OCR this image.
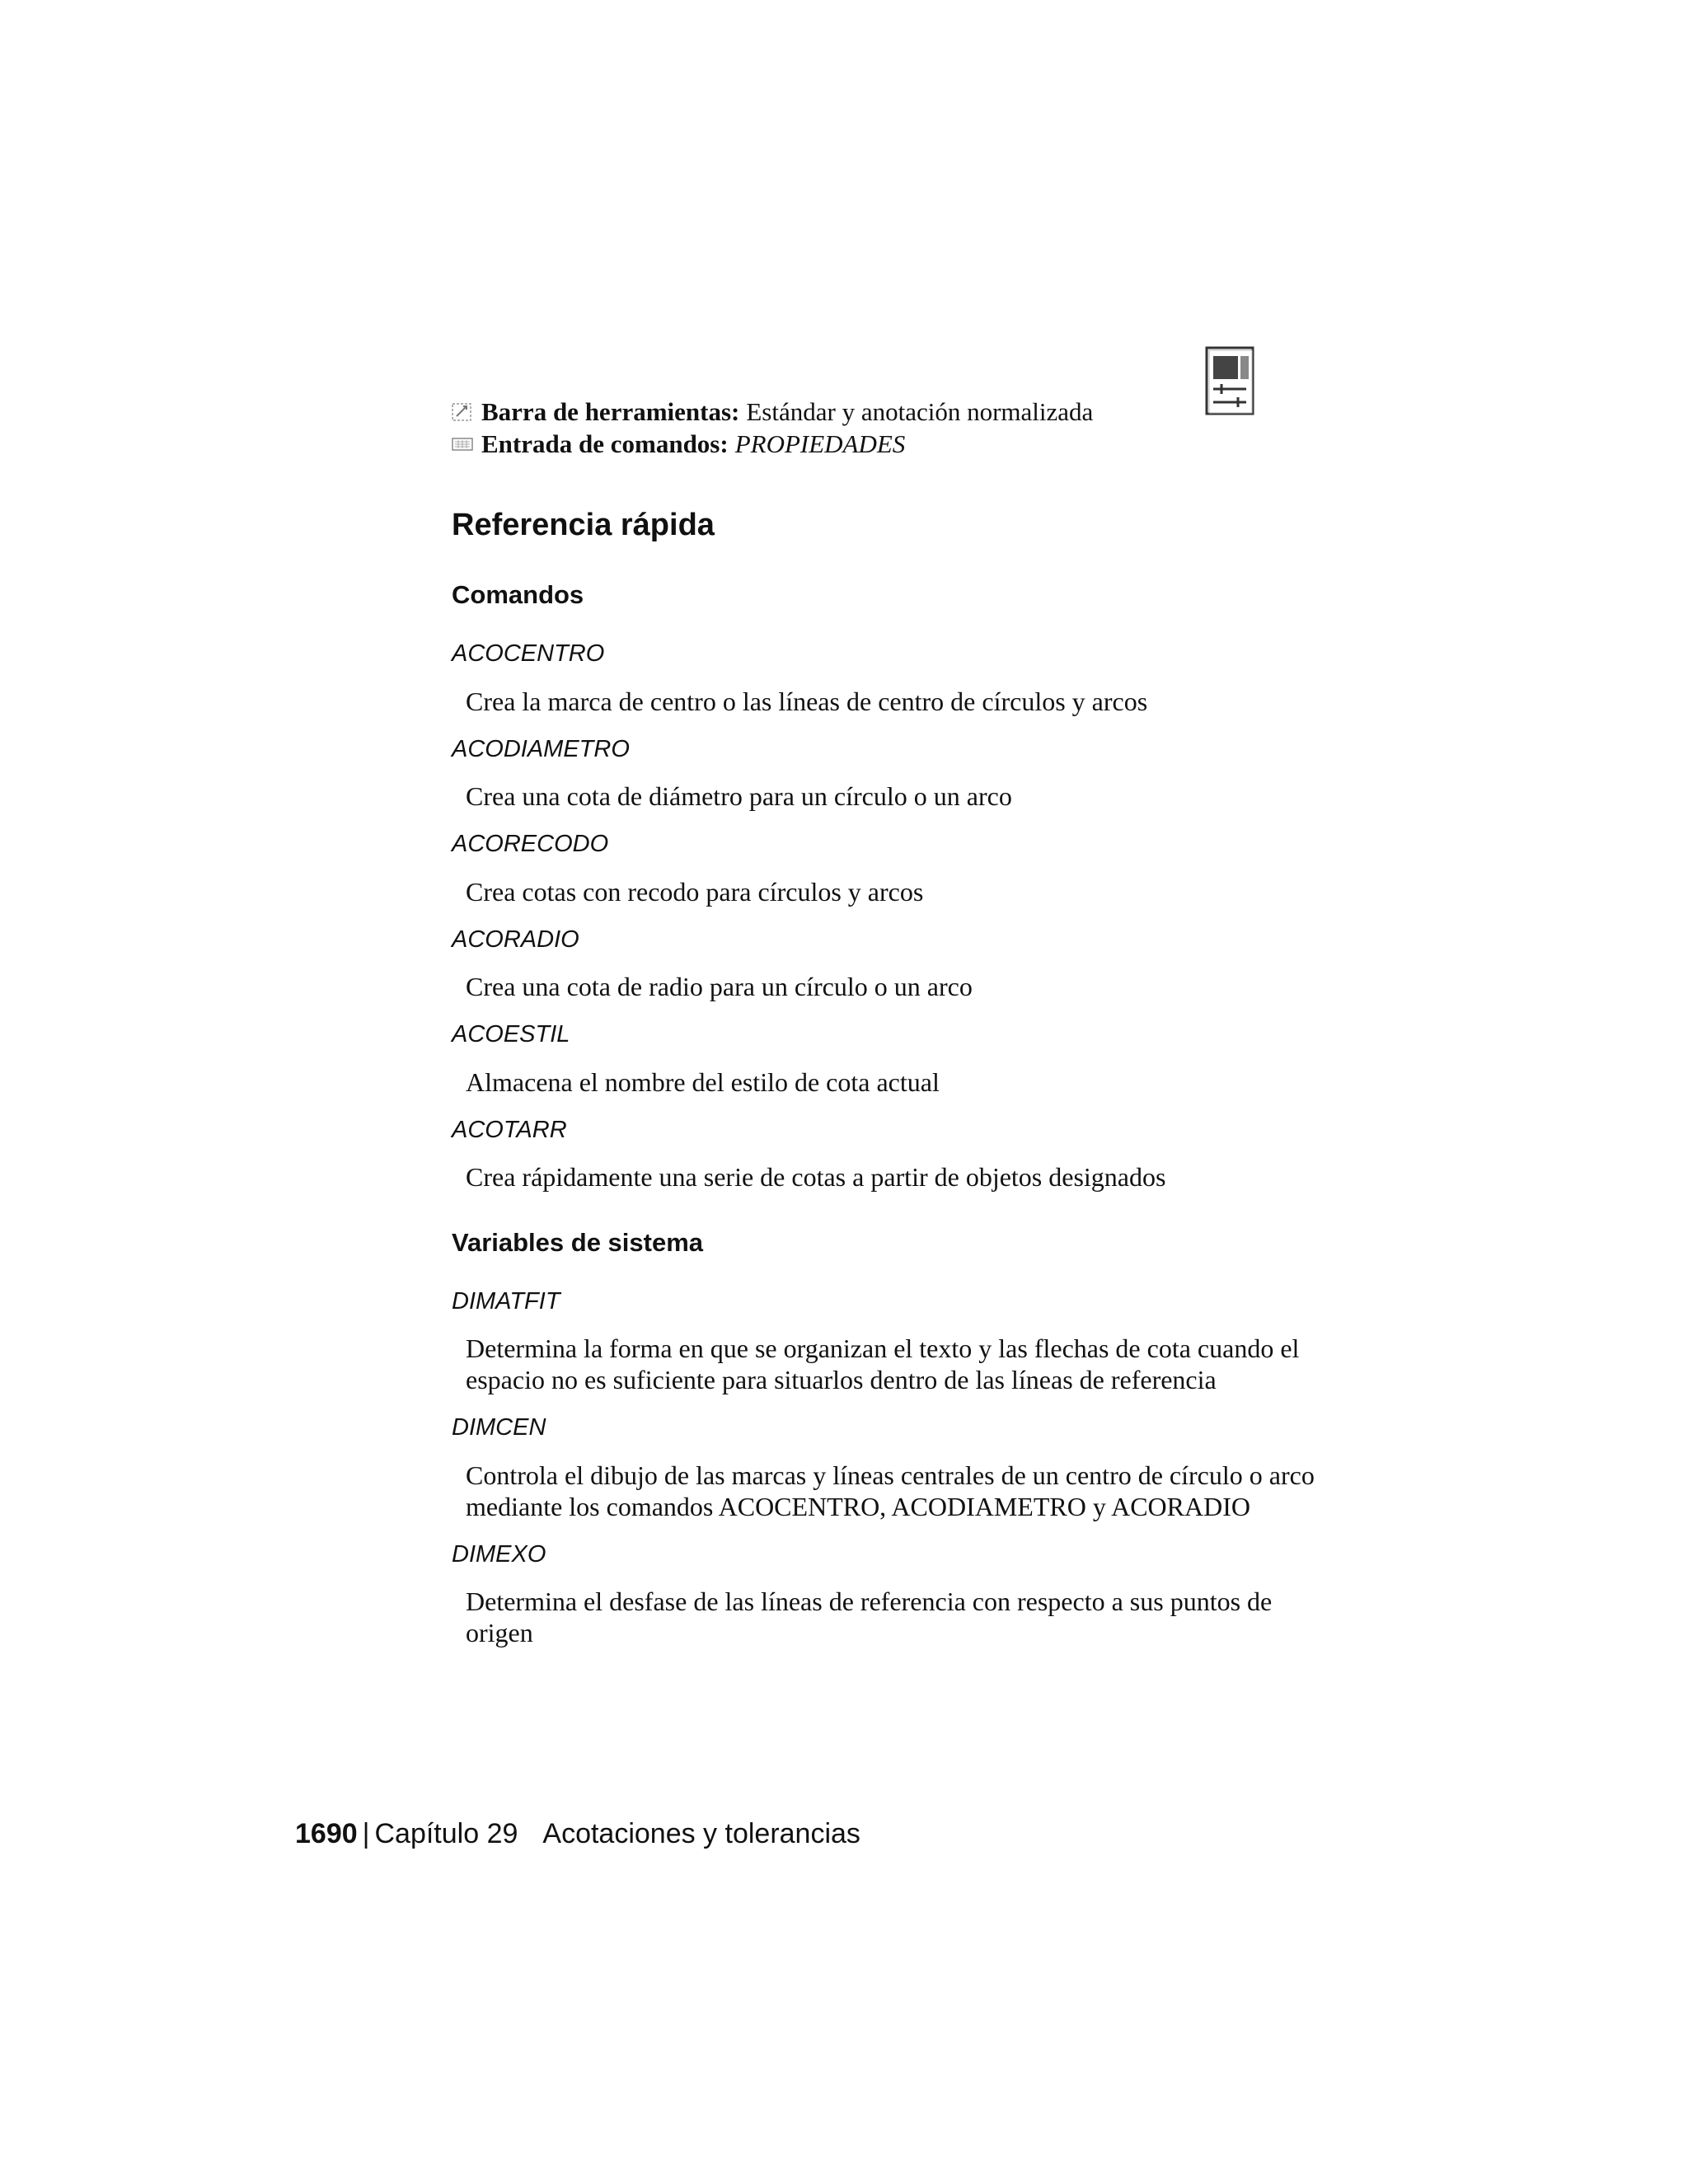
Barra de herramientas: Estándar y anotación normalizada
Entrada de comandos: PROPIEDADES
Referencia rápida
Comandos
ACOCENTRO
Crea la marca de centro o las líneas de centro de círculos y arcos
ACODIAMETRO
Crea una cota de diámetro para un círculo o un arco
ACORECODO
Crea cotas con recodo para círculos y arcos
ACORADIO
Crea una cota de radio para un círculo o un arco
ACOESTIL
Almacena el nombre del estilo de cota actual
ACOTARR
Crea rápidamente una serie de cotas a partir de objetos designados
Variables de sistema
DIMATFIT
Determina la forma en que se organizan el texto y las flechas de cota cuando el espacio no es suficiente para situarlos dentro de las líneas de referencia
DIMCEN
Controla el dibujo de las marcas y líneas centrales de un centro de círculo o arco mediante los comandos ACOCENTRO, ACODIAMETRO y ACORADIO
DIMEXO
Determina el desfase de las líneas de referencia con respecto a sus puntos de origen
1690 | Capítulo 29 Acotaciones y tolerancias
